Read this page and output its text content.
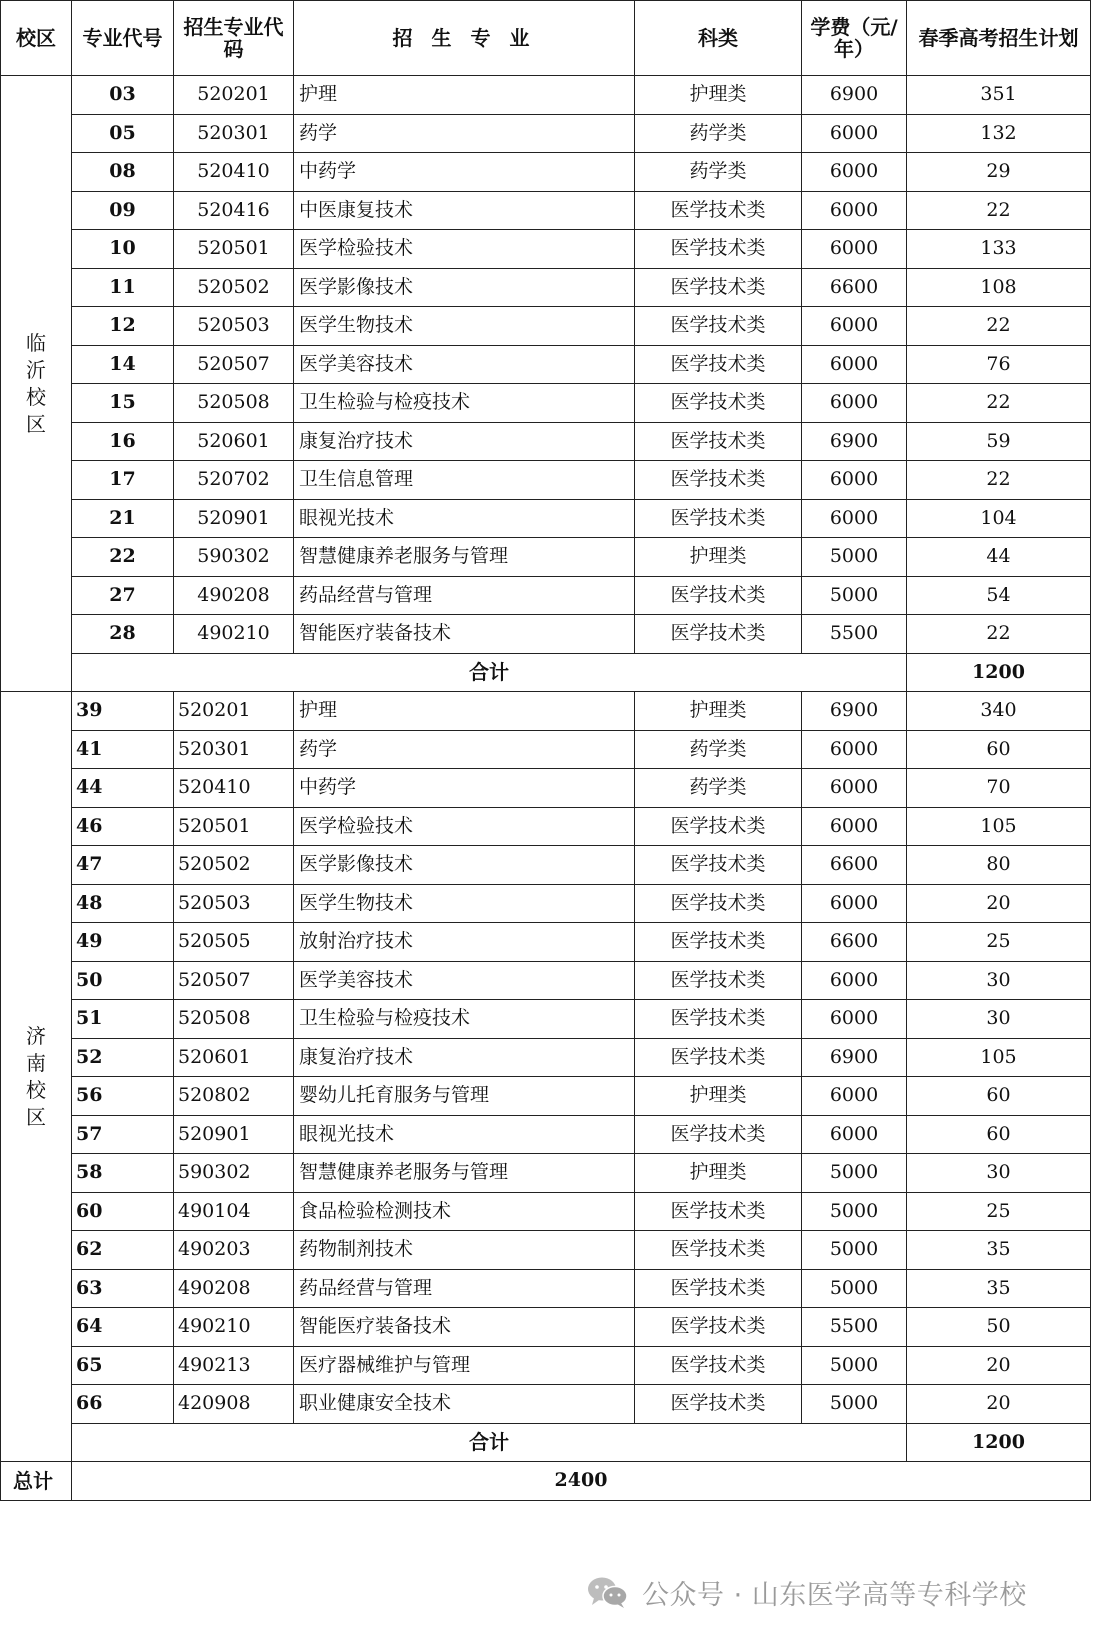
校区	专业代号	招生专业代码	招 生 专 业	科类	学费（元/年）	春季高考招生计划
临沂校区	03	520201	护理	护理类	6900	351
	05	520301	药学	药学类	6000	132
	08	520410	中药学	药学类	6000	29
	09	520416	中医康复技术	医学技术类	6000	22
	10	520501	医学检验技术	医学技术类	6000	133
	11	520502	医学影像技术	医学技术类	6600	108
	12	520503	医学生物技术	医学技术类	6000	22
	14	520507	医学美容技术	医学技术类	6000	76
	15	520508	卫生检验与检疫技术	医学技术类	6000	22
	16	520601	康复治疗技术	医学技术类	6900	59
	17	520702	卫生信息管理	医学技术类	6000	22
	21	520901	眼视光技术	医学技术类	6000	104
	22	590302	智慧健康养老服务与管理	护理类	5000	44
	27	490208	药品经营与管理	医学技术类	5000	54
	28	490210	智能医疗装备技术	医学技术类	5500	22
	合计					1200
济南校区	39	520201	护理	护理类	6900	340
	41	520301	药学	药学类	6000	60
	44	520410	中药学	药学类	6000	70
	46	520501	医学检验技术	医学技术类	6000	105
	47	520502	医学影像技术	医学技术类	6600	80
	48	520503	医学生物技术	医学技术类	6000	20
	49	520505	放射治疗技术	医学技术类	6600	25
	50	520507	医学美容技术	医学技术类	6000	30
	51	520508	卫生检验与检疫技术	医学技术类	6000	30
	52	520601	康复治疗技术	医学技术类	6900	105
	56	520802	婴幼儿托育服务与管理	护理类	6000	60
	57	520901	眼视光技术	医学技术类	6000	60
	58	590302	智慧健康养老服务与管理	护理类	5000	30
	60	490104	食品检验检测技术	医学技术类	5000	25
	62	490203	药物制剂技术	医学技术类	5000	35
	63	490208	药品经营与管理	医学技术类	5000	35
	64	490210	智能医疗装备技术	医学技术类	5500	50
	65	490213	医疗器械维护与管理	医学技术类	5000	20
	66	420908	职业健康安全技术	医学技术类	5000	20
	合计					1200
总计	2400					
公众号 · 山东医学高等专科学校
